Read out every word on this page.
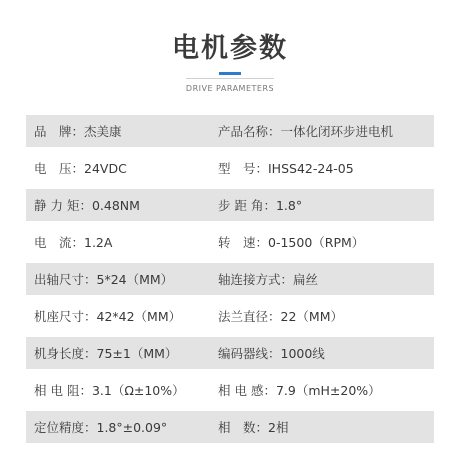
电机参数
DRIVE PARAMETERS
品　牌：杰美康	产品名称：一体化闭环步进电机
电　压：24VDC	型　号：IHSS42-24-05
静 力 矩：0.48NM	步 距 角：1.8°
电　流：1.2A	转　速：0-1500（RPM）
出轴尺寸：5*24（MM）	轴连接方式：扁丝
机座尺寸：42*42（MM）	法兰直径：22（MM）
机身长度：75±1（MM）	编码器线：1000线
相 电 阻：3.1（Ω±10%）	相 电 感：7.9（mH±20%）
定位精度：1.8°±0.09°	相　数：2相
